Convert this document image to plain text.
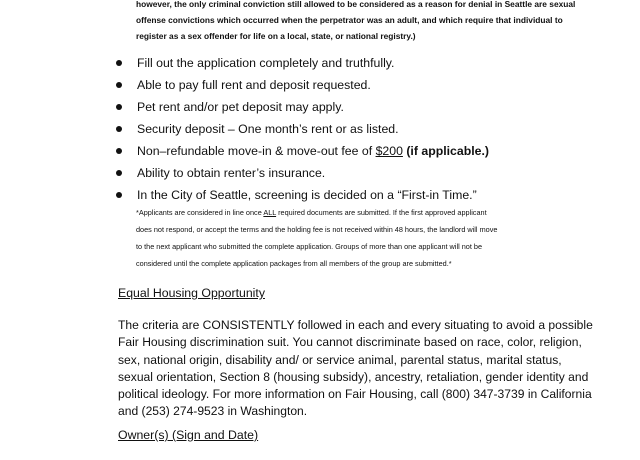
however, the only criminal conviction still allowed to be considered as a reason for denial in Seattle are sexual
offense convictions which occurred when the perpetrator was an adult, and which require that individual to
register as a sex offender for life on a local, state, or national registry.)
Fill out the application completely and truthfully.
Able to pay full rent and deposit requested.
Pet rent and/or pet deposit may apply.
Security deposit – One month’s rent or as listed.
Non–refundable move-in & move-out fee of $200 (if applicable.)
Ability to obtain renter’s insurance.
In the City of Seattle, screening is decided on a “First-in Time.”
*Applicants are considered in line once ALL required documents are submitted. If the first approved applicant
does not respond, or accept the terms and the holding fee is not received within 48 hours, the landlord will move
to the next applicant who submitted the complete application. Groups of more than one applicant will not be
considered until the complete application packages from all members of the group are submitted.*
Equal Housing Opportunity
The criteria are CONSISTENTLY followed in each and every situating to avoid a possible
Fair Housing discrimination suit. You cannot discriminate based on race, color, religion,
sex, national origin, disability and/ or service animal, parental status, marital status,
sexual orientation, Section 8 (housing subsidy), ancestry, retaliation, gender identity and
political ideology. For more information on Fair Housing, call (800) 347-3739 in California
and (253) 274-9523 in Washington.
Owner(s) (Sign and Date)
